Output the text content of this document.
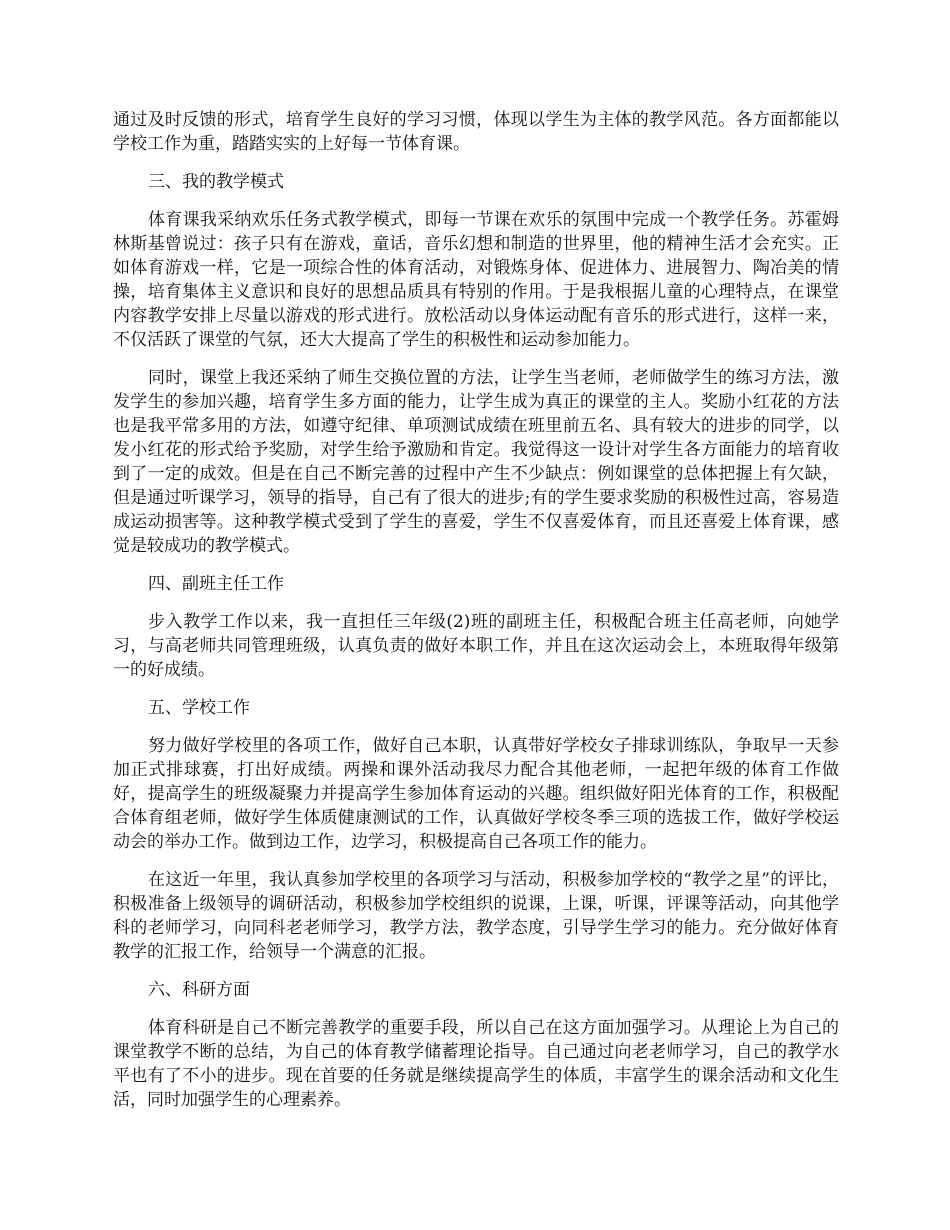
通过及时反馈的形式，培育学生良好的学习习惯，体现以学生为主体的教学风范。各方面都能以学校工作为重，踏踏实实的上好每一节体育课。

三、我的教学模式

体育课我采纳欢乐任务式教学模式，即每一节课在欢乐的氛围中完成一个教学任务。苏霍姆林斯基曾说过：孩子只有在游戏，童话，音乐幻想和制造的世界里，他的精神生活才会充实。正如体育游戏一样，它是一项综合性的体育活动，对锻炼身体、促进体力、进展智力、陶冶美的情操，培育集体主义意识和良好的思想品质具有特别的作用。于是我根据儿童的心理特点，在课堂内容教学安排上尽量以游戏的形式进行。放松活动以身体运动配有音乐的形式进行，这样一来，不仅活跃了课堂的气氛，还大大提高了学生的积极性和运动参加能力。

同时，课堂上我还采纳了师生交换位置的方法，让学生当老师，老师做学生的练习方法，激发学生的参加兴趣，培育学生多方面的能力，让学生成为真正的课堂的主人。奖励小红花的方法也是我平常多用的方法，如遵守纪律、单项测试成绩在班里前五名、具有较大的进步的同学，以发小红花的形式给予奖励，对学生给予激励和肯定。我觉得这一设计对学生各方面能力的培育收到了一定的成效。但是在自己不断完善的过程中产生不少缺点：例如课堂的总体把握上有欠缺，但是通过听课学习，领导的指导，自己有了很大的进步;有的学生要求奖励的积极性过高，容易造成运动损害等。这种教学模式受到了学生的喜爱，学生不仅喜爱体育，而且还喜爱上体育课，感觉是较成功的教学模式。

四、副班主任工作

步入教学工作以来，我一直担任三年级(2)班的副班主任，积极配合班主任高老师，向她学习，与高老师共同管理班级，认真负责的做好本职工作，并且在这次运动会上，本班取得年级第一的好成绩。

五、学校工作

努力做好学校里的各项工作，做好自己本职，认真带好学校女子排球训练队，争取早一天参加正式排球赛，打出好成绩。两操和课外活动我尽力配合其他老师，一起把年级的体育工作做好，提高学生的班级凝聚力并提高学生参加体育运动的兴趣。组织做好阳光体育的工作，积极配合体育组老师，做好学生体质健康测试的工作，认真做好学校冬季三项的选拔工作，做好学校运动会的举办工作。做到边工作，边学习，积极提高自己各项工作的能力。

在这近一年里，我认真参加学校里的各项学习与活动，积极参加学校的“教学之星”的评比，积极准备上级领导的调研活动，积极参加学校组织的说课，上课，听课，评课等活动，向其他学科的老师学习，向同科老老师学习，教学方法，教学态度，引导学生学习的能力。充分做好体育教学的汇报工作，给领导一个满意的汇报。

六、科研方面

体育科研是自己不断完善教学的重要手段，所以自己在这方面加强学习。从理论上为自己的课堂教学不断的总结，为自己的体育教学储蓄理论指导。自己通过向老老师学习，自己的教学水平也有了不小的进步。现在首要的任务就是继续提高学生的体质，丰富学生的课余活动和文化生活，同时加强学生的心理素养。
